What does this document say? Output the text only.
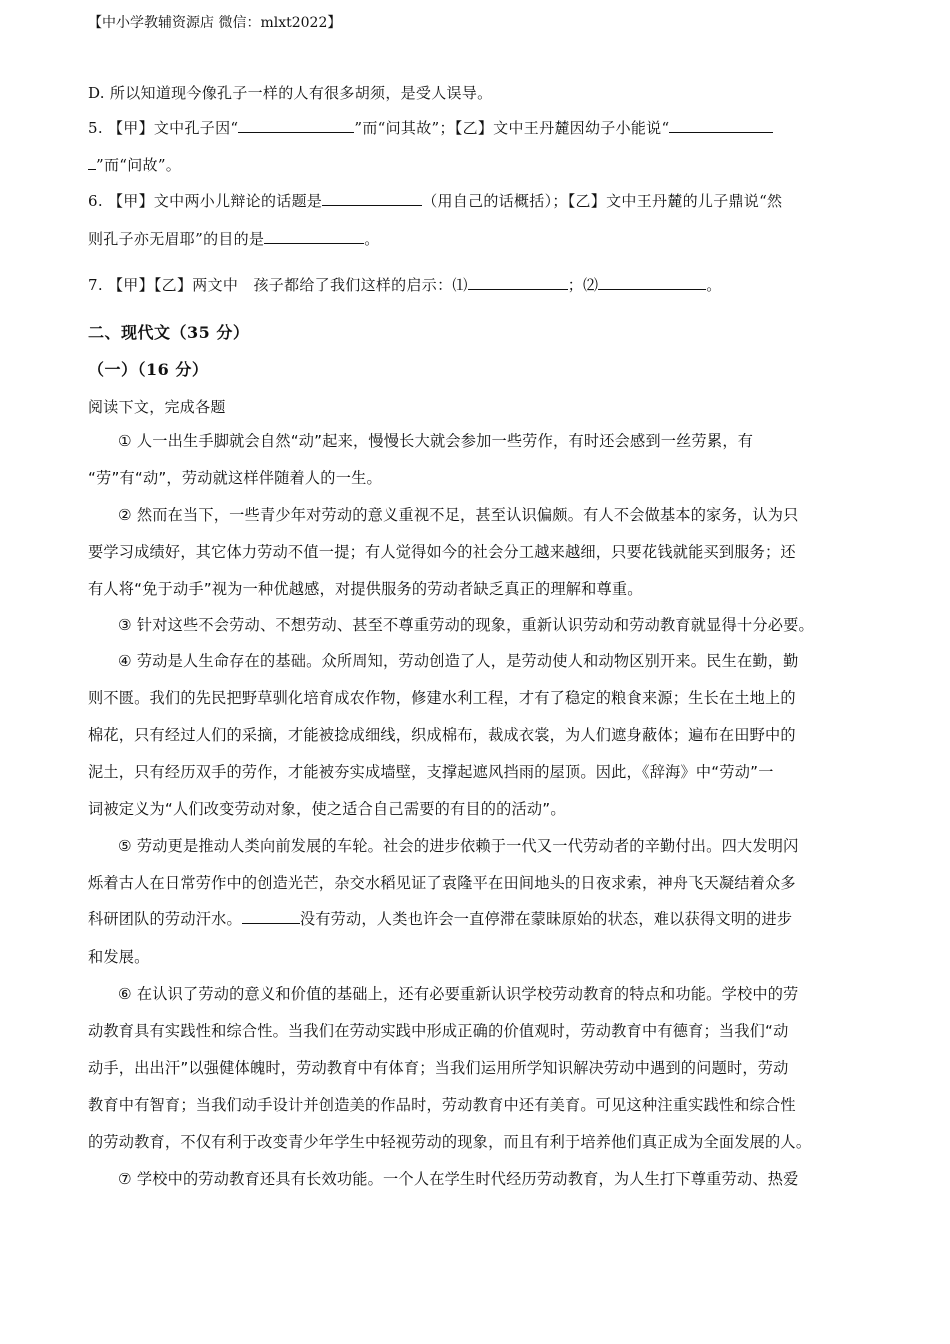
【中小学教辅资源店 微信：mlxt2022】
D. 所以知道现今像孔子一样的人有很多胡须，是受人误导。
5. 【甲】文中孔子因“	”而“问其故”；【乙】文中王丹麓因幼子小能说“
”而“问故”。
6. 【甲】文中两小儿辩论的话题是	（用自己的话概括）；【乙】文中王丹麓的儿子鼎说“然
则孔子亦无眉耶”的目的是	。
7. 【甲】【乙】两文中　孩子都给了我们这样的启示：⑴	；⑵	。
二、现代文（35 分）
（一）（16 分）
阅读下文，完成各题
① 人一出生手脚就会自然“动”起来，慢慢长大就会参加一些劳作，有时还会感到一丝劳累，有
“劳”有“动”，劳动就这样伴随着人的一生。
② 然而在当下，一些青少年对劳动的意义重视不足，甚至认识偏颇。有人不会做基本的家务，认为只
要学习成绩好，其它体力劳动不值一提；有人觉得如今的社会分工越来越细，只要花钱就能买到服务；还
有人将“免于动手”视为一种优越感，对提供服务的劳动者缺乏真正的理解和尊重。
③ 针对这些不会劳动、不想劳动、甚至不尊重劳动的现象，重新认识劳动和劳动教育就显得十分必要。
④ 劳动是人生命存在的基础。众所周知，劳动创造了人，是劳动使人和动物区别开来。民生在勤，勤
则不匮。我们的先民把野草驯化培育成农作物，修建水利工程，才有了稳定的粮食来源；生长在土地上的
棉花，只有经过人们的采摘，才能被捻成细线，织成棉布，裁成衣裳，为人们遮身蔽体；遍布在田野中的
泥土，只有经历双手的劳作，才能被夯实成墙壁，支撑起遮风挡雨的屋顶。因此，《辞海》中“劳动”一
词被定义为“人们改变劳动对象，使之适合自己需要的有目的的活动”。
⑤ 劳动更是推动人类向前发展的车轮。社会的进步依赖于一代又一代劳动者的辛勤付出。四大发明闪
烁着古人在日常劳作中的创造光芒，杂交水稻见证了袁隆平在田间地头的日夜求索，神舟飞天凝结着众多
科研团队的劳动汗水。	没有劳动，人类也许会一直停滞在蒙昧原始的状态，难以获得文明的进步
和发展。
⑥ 在认识了劳动的意义和价值的基础上，还有必要重新认识学校劳动教育的特点和功能。学校中的劳
动教育具有实践性和综合性。当我们在劳动实践中形成正确的价值观时，劳动教育中有德育；当我们“动
动手，出出汗”以强健体魄时，劳动教育中有体育；当我们运用所学知识解决劳动中遇到的问题时，劳动
教育中有智育；当我们动手设计并创造美的作品时，劳动教育中还有美育。可见这种注重实践性和综合性
的劳动教育，不仅有利于改变青少年学生中轻视劳动的现象，而且有利于培养他们真正成为全面发展的人。
⑦ 学校中的劳动教育还具有长效功能。一个人在学生时代经历劳动教育，为人生打下尊重劳动、热爱
